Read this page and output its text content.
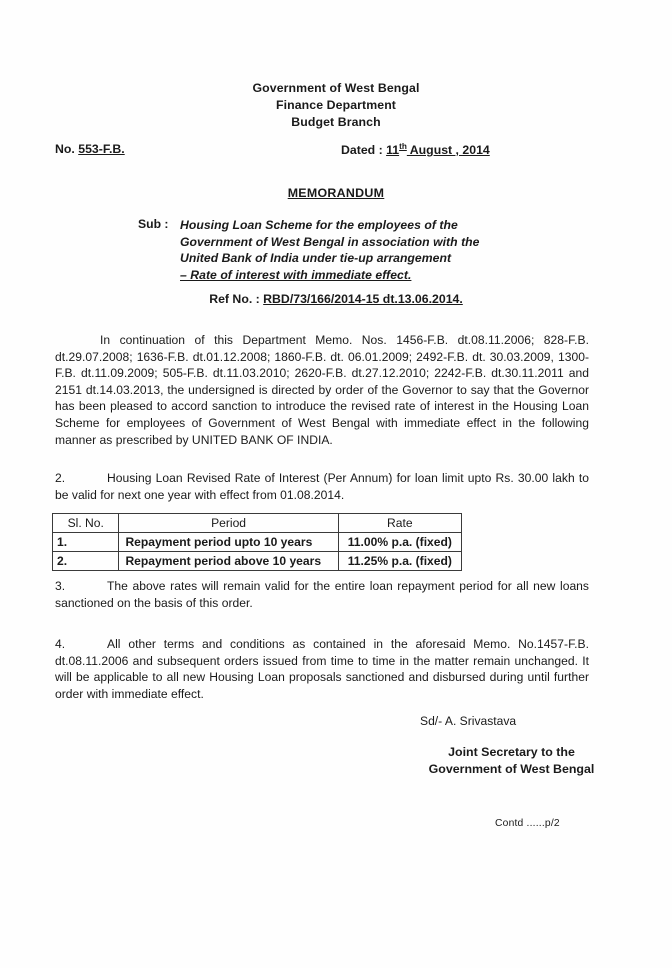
Government of West Bengal
Finance Department
Budget Branch
No. 553-F.B.	Dated : 11th August , 2014
MEMORANDUM
Sub : Housing Loan Scheme for the employees of the
Government of West Bengal in association with the
United Bank of India under tie-up arrangement
– Rate of interest with immediate effect.
Ref No. : RBD/73/166/2014-15 dt.13.06.2014.
In continuation of this Department Memo. Nos. 1456-F.B. dt.08.11.2006; 828-F.B. dt.29.07.2008; 1636-F.B. dt.01.12.2008; 1860-F.B. dt. 06.01.2009; 2492-F.B. dt. 30.03.2009, 1300-F.B. dt.11.09.2009; 505-F.B. dt.11.03.2010; 2620-F.B. dt.27.12.2010; 2242-F.B. dt.30.11.2011 and 2151 dt.14.03.2013, the undersigned is directed by order of the Governor to say that the Governor has been pleased to accord sanction to introduce the revised rate of interest in the Housing Loan Scheme for employees of Government of West Bengal with immediate effect in the following manner as prescribed by UNITED BANK OF INDIA.
2.	Housing Loan Revised Rate of Interest (Per Annum) for loan limit upto Rs. 30.00 lakh to be valid for next one year with effect from 01.08.2014.
Sl. No.	Period	Rate
1.	Repayment period upto 10 years	11.00% p.a. (fixed)
2.	Repayment period above 10 years	11.25% p.a. (fixed)
3.	The above rates will remain valid for the entire loan repayment period for all new loans sanctioned on the basis of this order.
4.	All other terms and conditions as contained in the aforesaid Memo. No.1457-F.B. dt.08.11.2006 and subsequent orders issued from time to time in the matter remain unchanged. It will be applicable to all new Housing Loan proposals sanctioned and disbursed during until further order with immediate effect.
Sd/- A. Srivastava
Joint Secretary to the
Government of West Bengal
Contd ......p/2
